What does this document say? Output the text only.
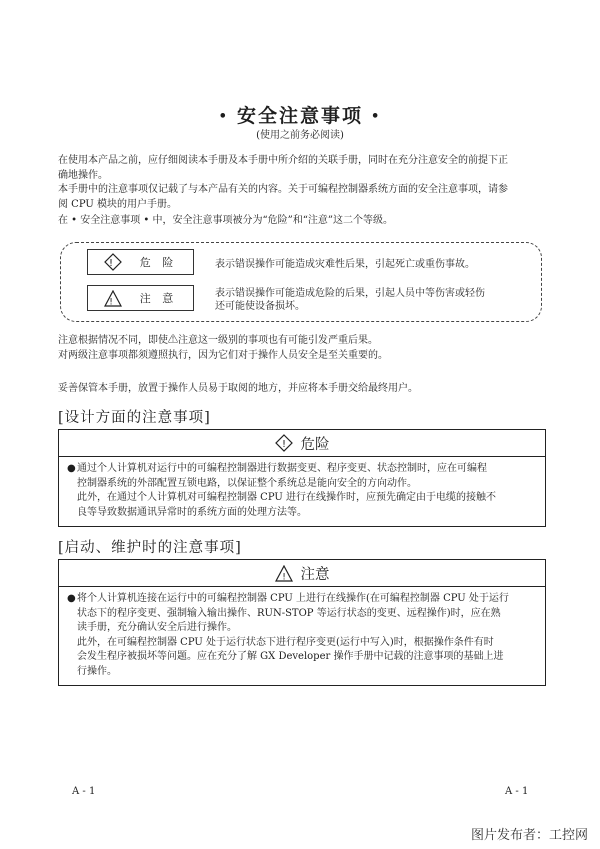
• 安全注意事项 •
(使用之前务必阅读)
在使用本产品之前，应仔细阅读本手册及本手册中所介绍的关联手册，同时在充分注意安全的前提下正
确地操作。
本手册中的注意事项仅记载了与本产品有关的内容。关于可编程控制器系统方面的安全注意事项，请参
阅 CPU 模块的用户手册。
在 • 安全注意事项 • 中，安全注意事项被分为“危险”和“注意”这二个等级。
! 危 险	表示错误操作可能造成灾难性后果，引起死亡或重伤事故。
! 注 意	表示错误操作可能造成危险的后果，引起人员中等伤害或轻伤
还可能使设备损坏。
注意根据情况不同，即使⚠注意这一级别的事项也有可能引发严重后果。
对两级注意事项都须遵照执行，因为它们对于操作人员安全是至关重要的。
妥善保管本手册，放置于操作人员易于取阅的地方，并应将本手册交给最终用户。
[设计方面的注意事项]
! 危险
● 通过个人计算机对运行中的可编程控制器进行数据变更、程序变更、状态控制时，应在可编程
控制器系统的外部配置互锁电路，以保证整个系统总是能向安全的方向动作。
此外，在通过个人计算机对可编程控制器 CPU 进行在线操作时，应预先确定由于电缆的接触不
良等导致数据通讯异常时的系统方面的处理方法等。
[启动、维护时的注意事项]
! 注意
● 将个人计算机连接在运行中的可编程控制器 CPU 上进行在线操作(在可编程控制器 CPU 处于运行
状态下的程序变更、强制输入输出操作、RUN-STOP 等运行状态的变更、远程操作)时，应在熟
读手册，充分确认安全后进行操作。
此外，在可编程控制器 CPU 处于运行状态下进行程序变更(运行中写入)时，根据操作条件有时
会发生程序被损坏等问题。应在充分了解 GX Developer 操作手册中记载的注意事项的基础上进
行操作。
A - 1	A - 1
图片发布者：工控网
